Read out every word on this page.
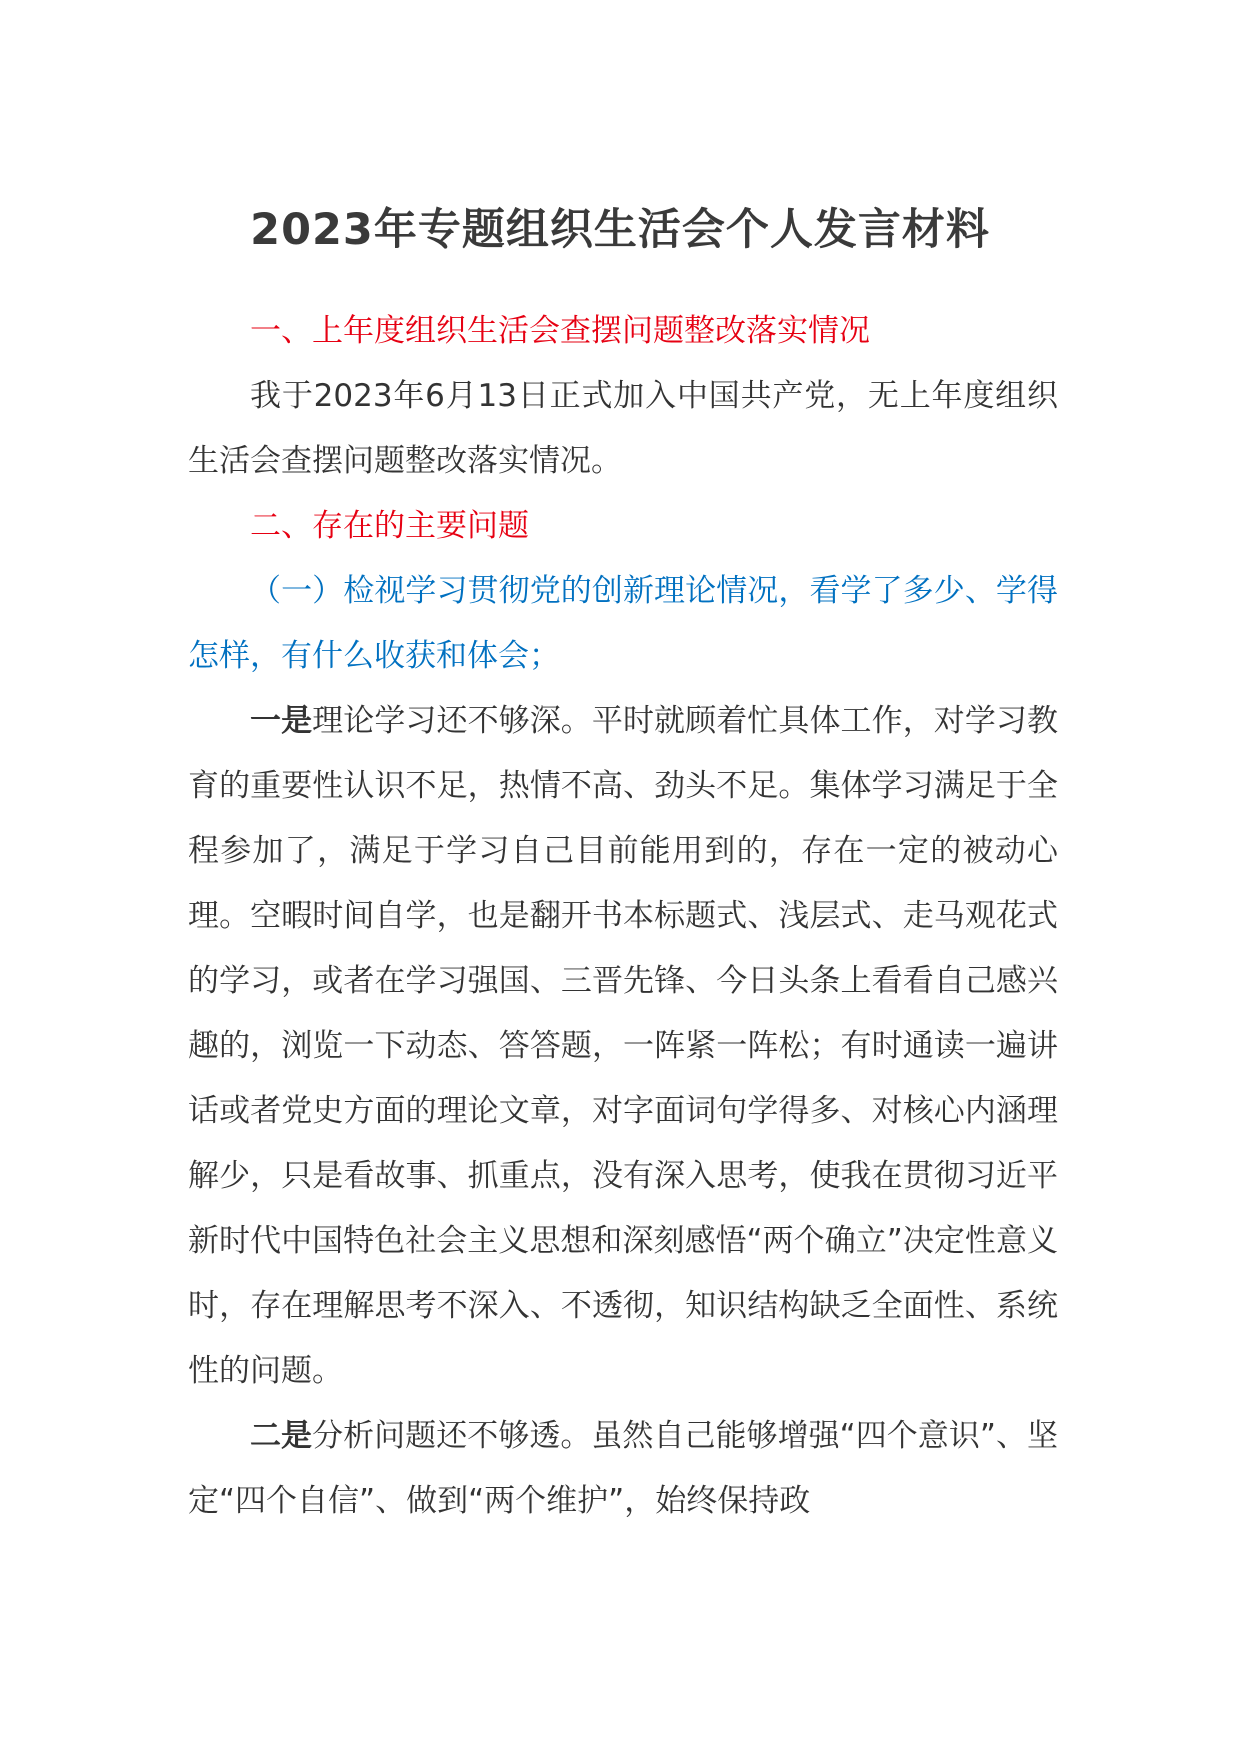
2023年专题组织生活会个人发言材料

一、上年度组织生活会查摆问题整改落实情况

我于2023年6月13日正式加入中国共产党，无上年度组织生活会查摆问题整改落实情况。

二、存在的主要问题

（一）检视学习贯彻党的创新理论情况，看学了多少、学得怎样，有什么收获和体会；

一是理论学习还不够深。平时就顾着忙具体工作，对学习教育的重要性认识不足，热情不高、劲头不足。集体学习满足于全程参加了，满足于学习自己目前能用到的，存在一定的被动心理。空暇时间自学，也是翻开书本标题式、浅层式、走马观花式的学习，或者在学习强国、三晋先锋、今日头条上看看自己感兴趣的，浏览一下动态、答答题，一阵紧一阵松；有时通读一遍讲话或者党史方面的理论文章，对字面词句学得多、对核心内涵理解少，只是看故事、抓重点，没有深入思考，使我在贯彻习近平新时代中国特色社会主义思想和深刻感悟“两个确立”决定性意义时，存在理解思考不深入、不透彻，知识结构缺乏全面性、系统性的问题。

二是分析问题还不够透。虽然自己能够增强“四个意识”、坚定“四个自信”、做到“两个维护”，始终保持政
